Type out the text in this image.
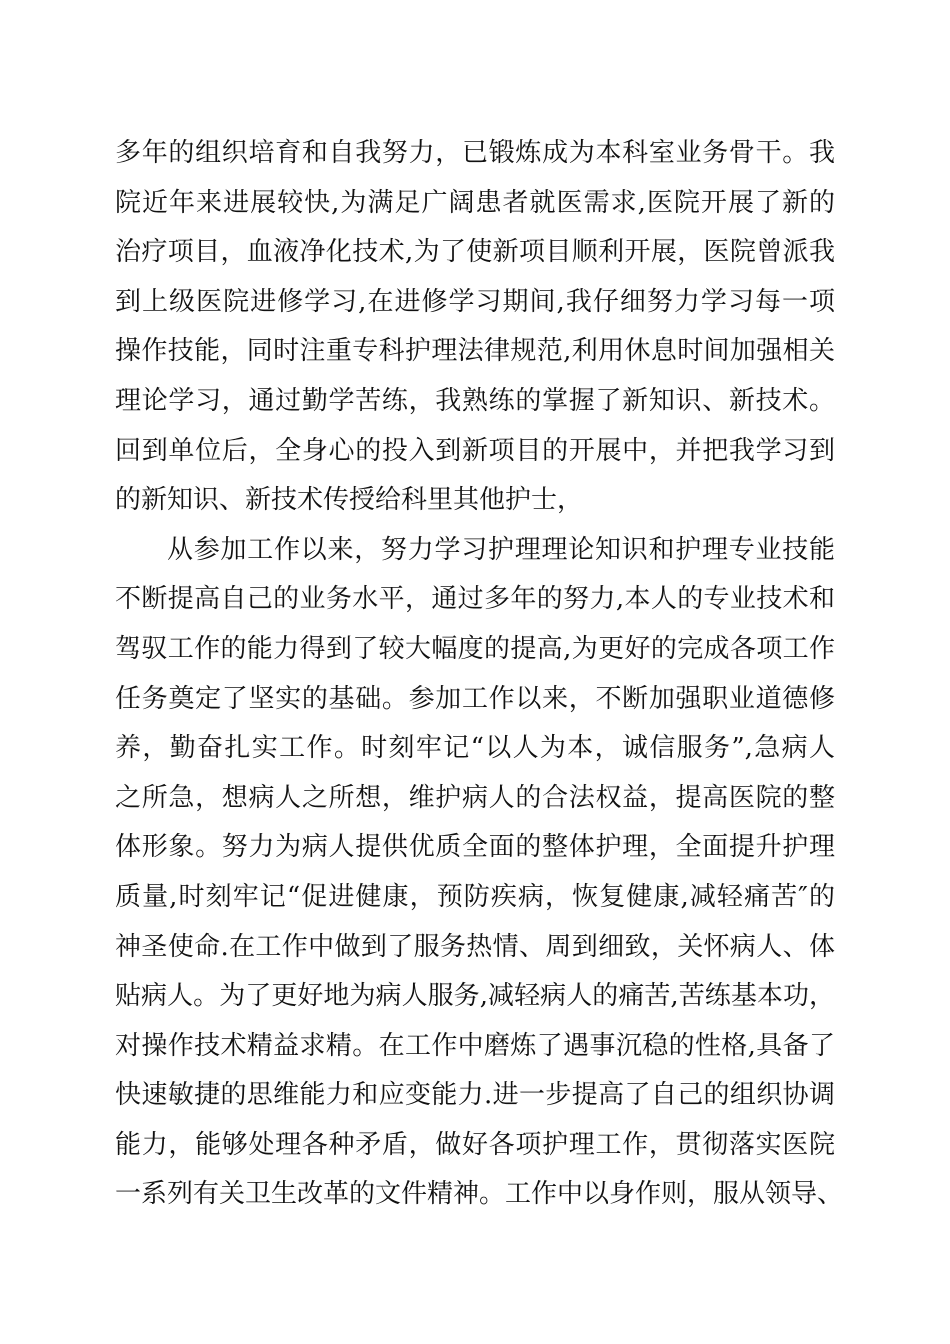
多年的组织培育和自我努力，已锻炼成为本科室业务骨干。我
院近年来进展较快,为满足广阔患者就医需求,医院开展了新的
治疗项目，血液净化技术,为了使新项目顺利开展，医院曾派我
到上级医院进修学习,在进修学习期间,我仔细努力学习每一项
操作技能，同时注重专科护理法律规范,利用休息时间加强相关
理论学习，通过勤学苦练，我熟练的掌握了新知识、新技术。
回到单位后，全身心的投入到新项目的开展中，并把我学习到
的新知识、新技术传授给科里其他护士，
从参加工作以来，努力学习护理理论知识和护理专业技能
不断提高自己的业务水平，通过多年的努力,本人的专业技术和
驾驭工作的能力得到了较大幅度的提高,为更好的完成各项工作
任务奠定了坚实的基础。参加工作以来，不断加强职业道德修
养，勤奋扎实工作。时刻牢记“以人为本，诚信服务”,急病人
之所急，想病人之所想，维护病人的合法权益，提高医院的整
体形象。努力为病人提供优质全面的整体护理，全面提升护理
质量,时刻牢记“促进健康，预防疾病，恢复健康,减轻痛苦″的
神圣使命.在工作中做到了服务热情、周到细致，关怀病人、体
贴病人。为了更好地为病人服务,减轻病人的痛苦,苦练基本功，
对操作技术精益求精。在工作中磨炼了遇事沉稳的性格,具备了
快速敏捷的思维能力和应变能力.进一步提高了自己的组织协调
能力，能够处理各种矛盾，做好各项护理工作，贯彻落实医院
一系列有关卫生改革的文件精神。工作中以身作则，服从领导、
